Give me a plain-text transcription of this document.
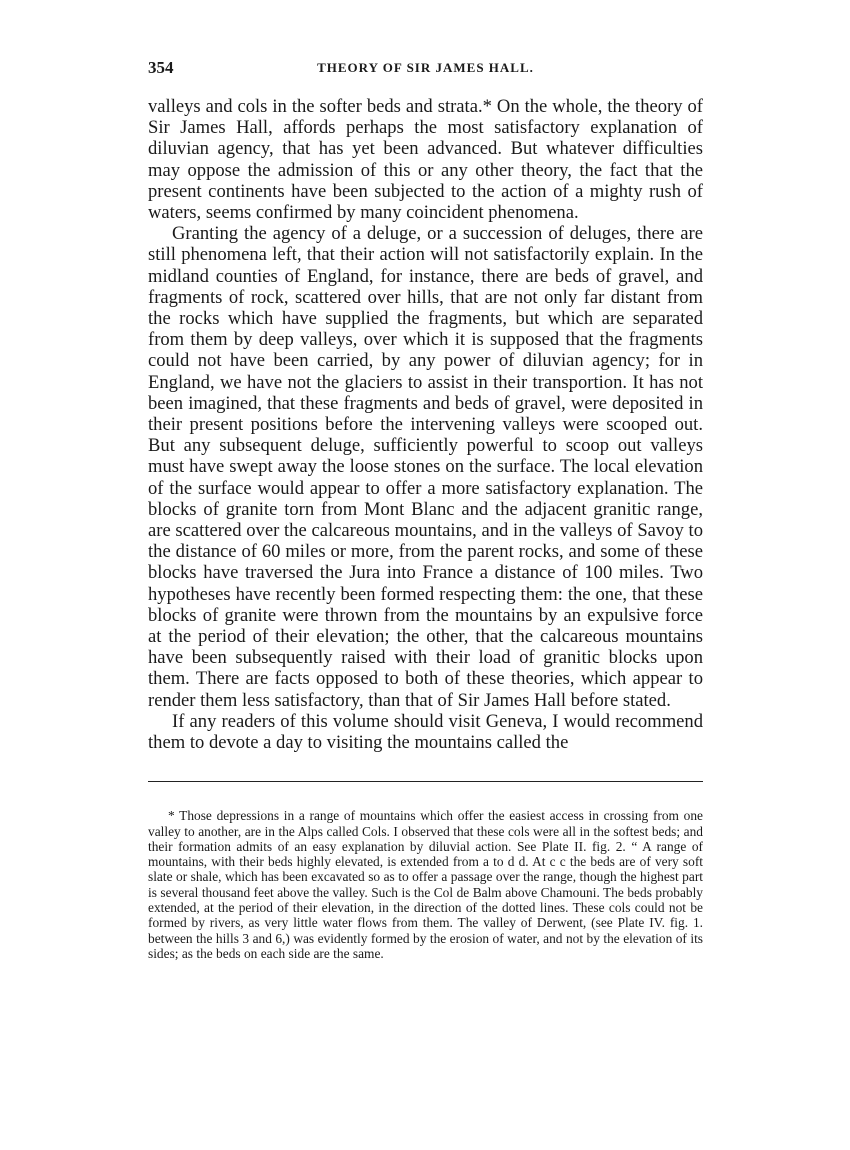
354	THEORY OF SIR JAMES HALL.

valleys and cols in the softer beds and strata.* On the whole, the theory of Sir James Hall, affords perhaps the most satisfactory explanation of diluvian agency, that has yet been advanced. But whatever difficulties may oppose the admission of this or any other theory, the fact that the present continents have been subjected to the action of a mighty rush of waters, seems confirmed by many coincident phenomena.

Granting the agency of a deluge, or a succession of deluges, there are still phenomena left, that their action will not satisfactorily explain. In the midland counties of England, for instance, there are beds of gravel, and fragments of rock, scattered over hills, that are not only far distant from the rocks which have supplied the fragments, but which are separated from them by deep valleys, over which it is supposed that the fragments could not have been carried, by any power of diluvian agency; for in England, we have not the glaciers to assist in their transportion. It has not been imagined, that these fragments and beds of gravel, were deposited in their present positions before the intervening valleys were scooped out. But any subsequent deluge, sufficiently powerful to scoop out valleys must have swept away the loose stones on the surface. The local elevation of the surface would appear to offer a more satisfactory explanation. The blocks of granite torn from Mont Blanc and the adjacent granitic range, are scattered over the calcareous mountains, and in the valleys of Savoy to the distance of 60 miles or more, from the parent rocks, and some of these blocks have traversed the Jura into France a distance of 100 miles. Two hypotheses have recently been formed respecting them: the one, that these blocks of granite were thrown from the mountains by an expulsive force at the period of their elevation; the other, that the calcareous mountains have been subsequently raised with their load of granitic blocks upon them. There are facts opposed to both of these theories, which appear to render them less satisfactory, than that of Sir James Hall before stated.

If any readers of this volume should visit Geneva, I would recommend them to devote a day to visiting the mountains called the

* Those depressions in a range of mountains which offer the easiest access in crossing from one valley to another, are in the Alps called Cols. I observed that these cols were all in the softest beds; and their formation admits of an easy explanation by diluvial action. See Plate II. fig. 2. “ A range of mountains, with their beds highly elevated, is extended from a to d d. At c c the beds are of very soft slate or shale, which has been excavated so as to offer a passage over the range, though the highest part is several thousand feet above the valley. Such is the Col de Balm above Chamouni. The beds probably extended, at the period of their elevation, in the direction of the dotted lines. These cols could not be formed by rivers, as very little water flows from them. The valley of Derwent, (see Plate IV. fig. 1. between the hills 3 and 6,) was evidently formed by the erosion of water, and not by the elevation of its sides; as the beds on each side are the same.
